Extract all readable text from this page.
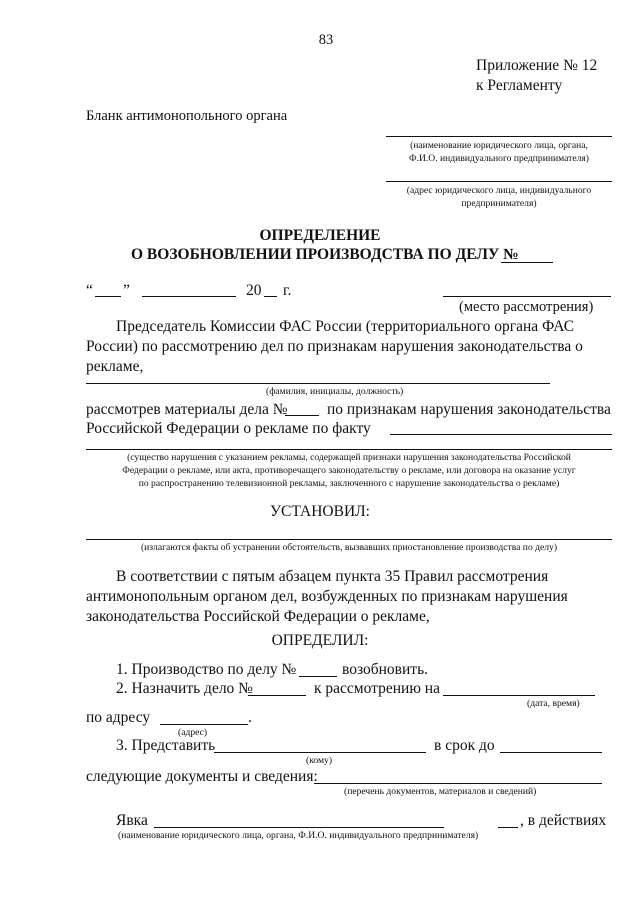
83
Приложение № 12
к Регламенту
Бланк антимонопольного органа
(наименование юридического лица, органа,
Ф.И.О. индивидуального предпринимателя)
(адрес юридического лица, индивидуального
предпринимателя)
ОПРЕДЕЛЕНИЕ
О ВОЗОБНОВЛЕНИИ ПРОИЗВОДСТВА ПО ДЕЛУ №
“ ”	20 г.
(место рассмотрения)
Председатель Комиссии ФАС России (территориального органа ФАС
России) по рассмотрению дел по признакам нарушения законодательства о
рекламе,
(фамилия, инициалы, должность)
рассмотрев материалы дела №	по признакам нарушения законодательства
Российской Федерации о рекламе по факту
(существо нарушения с указанием рекламы, содержащей признаки нарушения законодательства Российской
Федерации о рекламе, или акта, противоречащего законодательству о рекламе, или договора на оказание услуг
по распространению телевизионной рекламы, заключенного с нарушение законодательства о рекламе)
УСТАНОВИЛ:
(излагаются факты об устранении обстоятельств, вызвавших приостановление производства по делу)
В соответствии с пятым абзацем пункта 35 Правил рассмотрения
антимонопольным органом дел, возбужденных по признакам нарушения
законодательства Российской Федерации о рекламе,
ОПРЕДЕЛИЛ:
1. Производство по делу №	возобновить.
2. Назначить дело №	к рассмотрению на
(дата, время)
по адресу	.
(адрес)
3. Представить	в срок до
(кому)
следующие документы и сведения:
(перечень документов, материалов и сведений)
Явка	, в действиях
(наименование юридического лица, органа, Ф.И.О. индивидуального предпринимателя)
